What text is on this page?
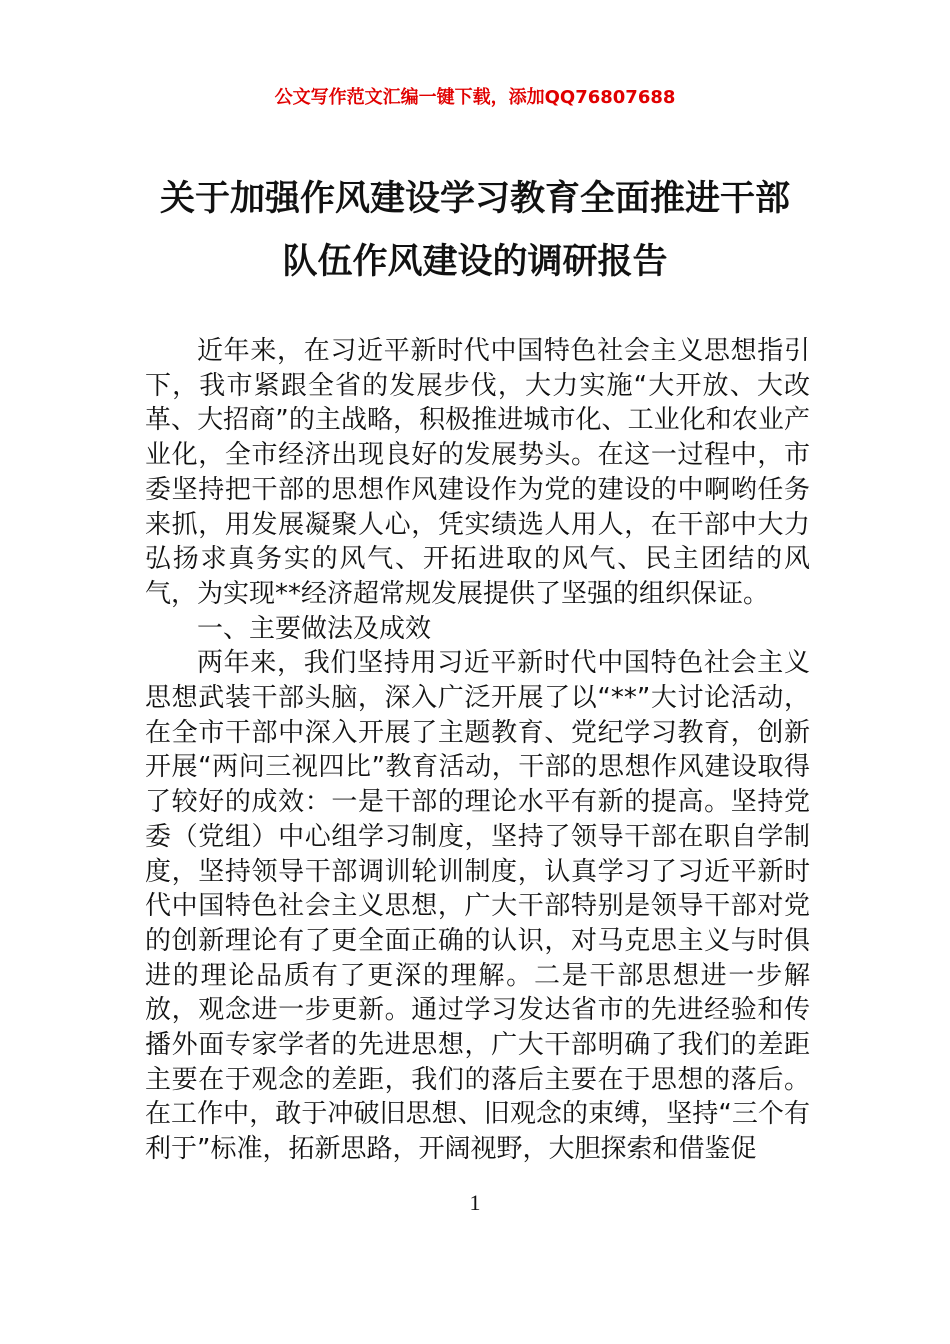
公文写作范文汇编一键下载，添加QQ76807688
关于加强作风建设学习教育全面推进干部
队伍作风建设的调研报告

近年来，在习近平新时代中国特色社会主义思想指引下，我市紧跟全省的发展步伐，大力实施“大开放、大改革、大招商”的主战略，积极推进城市化、工业化和农业产业化，全市经济出现良好的发展势头。在这一过程中，市委坚持把干部的思想作风建设作为党的建设的中啊哟任务来抓，用发展凝聚人心，凭实绩选人用人，在干部中大力弘扬求真务实的风气、开拓进取的风气、民主团结的风气，为实现**经济超常规发展提供了坚强的组织保证。

一、主要做法及成效

两年来，我们坚持用习近平新时代中国特色社会主义思想武装干部头脑，深入广泛开展了以“**”大讨论活动，在全市干部中深入开展了主题教育、党纪学习教育，创新开展“两问三视四比”教育活动，干部的思想作风建设取得了较好的成效：一是干部的理论水平有新的提高。坚持党委（党组）中心组学习制度，坚持了领导干部在职自学制度，坚持领导干部调训轮训制度，认真学习了习近平新时代中国特色社会主义思想，广大干部特别是领导干部对党的创新理论有了更全面正确的认识，对马克思主义与时俱进的理论品质有了更深的理解。二是干部思想进一步解放，观念进一步更新。通过学习发达省市的先进经验和传播外面专家学者的先进思想，广大干部明确了我们的差距主要在于观念的差距，我们的落后主要在于思想的落后。在工作中，敢于冲破旧思想、旧观念的束缚，坚持“三个有利于”标准，拓新思路，开阔视野，大胆探索和借鉴促

1
